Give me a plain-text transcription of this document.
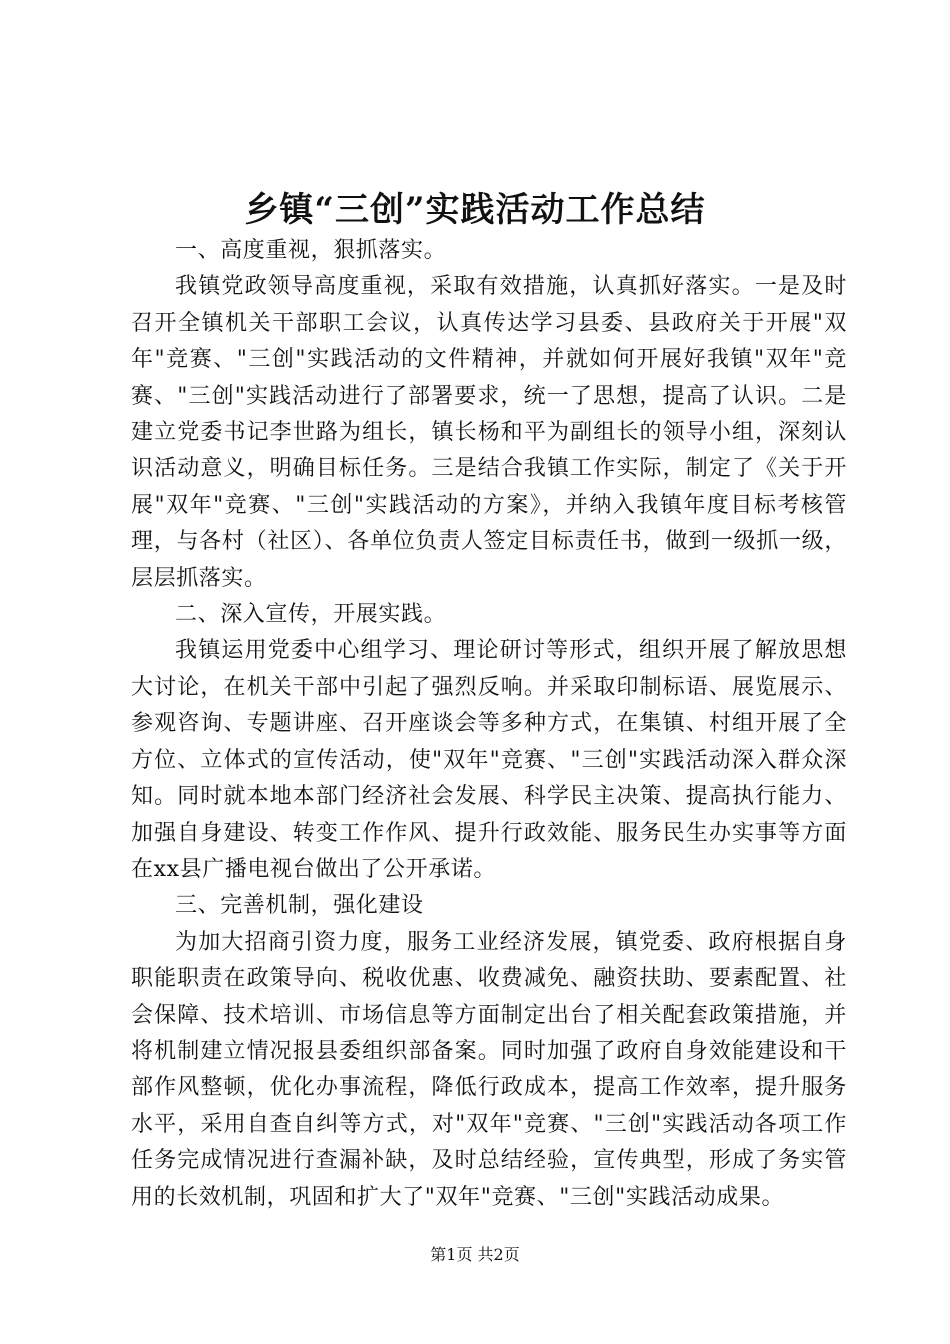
乡镇“三创”实践活动工作总结

一、高度重视，狠抓落实。

我镇党政领导高度重视，采取有效措施，认真抓好落实。一是及时召开全镇机关干部职工会议，认真传达学习县委、县政府关于开展"双年"竞赛、"三创"实践活动的文件精神，并就如何开展好我镇"双年"竞赛、"三创"实践活动进行了部署要求，统一了思想，提高了认识。二是建立党委书记李世路为组长，镇长杨和平为副组长的领导小组，深刻认识活动意义，明确目标任务。三是结合我镇工作实际，制定了《关于开展"双年"竞赛、"三创"实践活动的方案》，并纳入我镇年度目标考核管理，与各村（社区）、各单位负责人签定目标责任书，做到一级抓一级，层层抓落实。

二、深入宣传，开展实践。

我镇运用党委中心组学习、理论研讨等形式，组织开展了解放思想大讨论，在机关干部中引起了强烈反响。并采取印制标语、展览展示、参观咨询、专题讲座、召开座谈会等多种方式，在集镇、村组开展了全方位、立体式的宣传活动，使"双年"竞赛、"三创"实践活动深入群众深知。同时就本地本部门经济社会发展、科学民主决策、提高执行能力、加强自身建设、转变工作作风、提升行政效能、服务民生办实事等方面在xx县广播电视台做出了公开承诺。

三、完善机制，强化建设

为加大招商引资力度，服务工业经济发展，镇党委、政府根据自身职能职责在政策导向、税收优惠、收费减免、融资扶助、要素配置、社会保障、技术培训、市场信息等方面制定出台了相关配套政策措施，并将机制建立情况报县委组织部备案。同时加强了政府自身效能建设和干部作风整顿，优化办事流程，降低行政成本，提高工作效率，提升服务水平，采用自查自纠等方式，对"双年"竞赛、"三创"实践活动各项工作任务完成情况进行查漏补缺，及时总结经验，宣传典型，形成了务实管用的长效机制，巩固和扩大了"双年"竞赛、"三创"实践活动成果。

第1页 共2页
